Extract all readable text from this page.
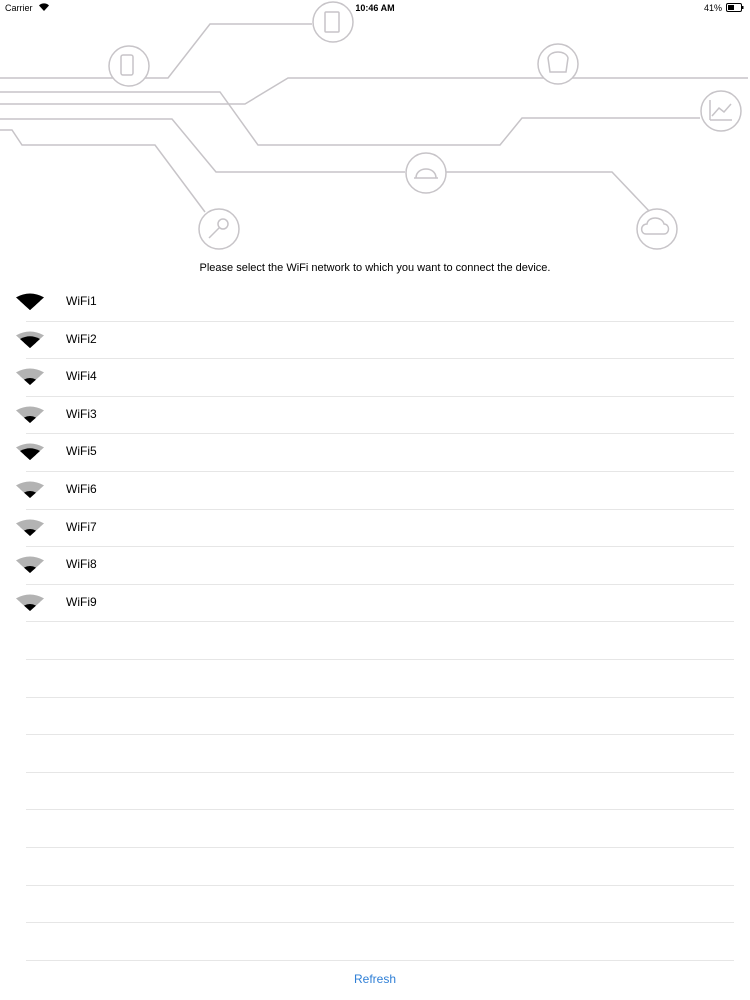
Carrier	10:46 AM	41%
Please select the WiFi network to which you want to connect the device.
WiFi1
WiFi2
WiFi4
WiFi3
WiFi5
WiFi6
WiFi7
WiFi8
WiFi9
Refresh
